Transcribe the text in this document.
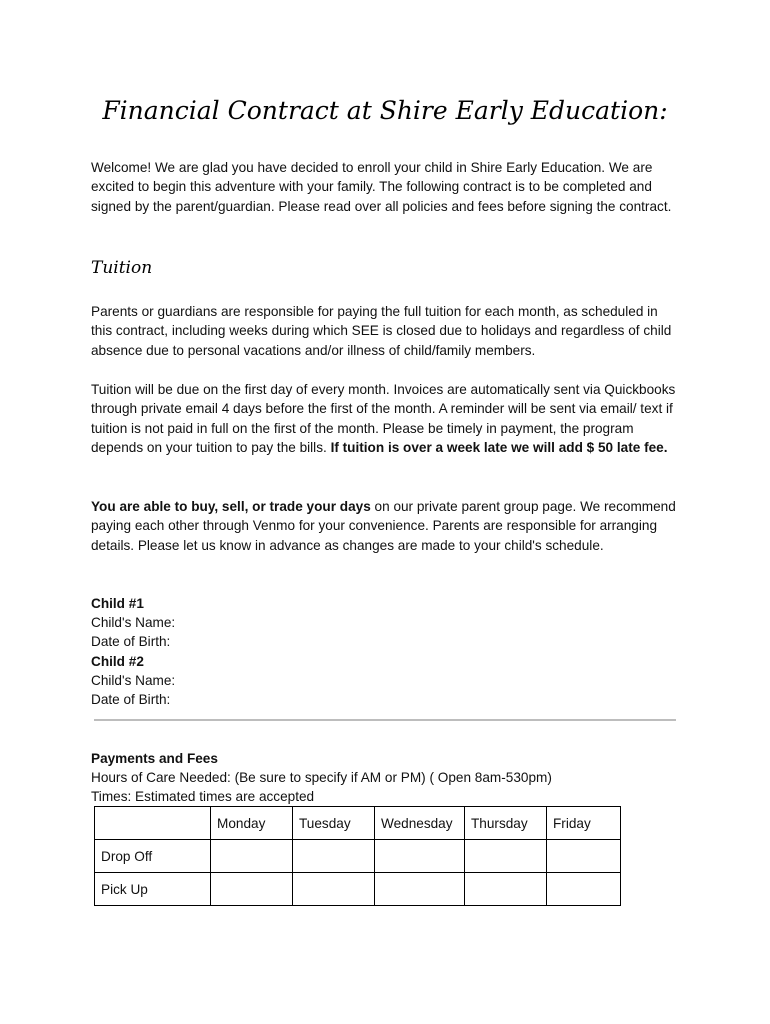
Financial Contract at Shire Early Education:

Welcome! We are glad you have decided to enroll your child in Shire Early Education. We are excited to begin this adventure with your family. The following contract is to be completed and signed by the parent/guardian. Please read over all policies and fees before signing the contract.

Tuition

Parents or guardians are responsible for paying the full tuition for each month, as scheduled in this contract, including weeks during which SEE is closed due to holidays and regardless of child absence due to personal vacations and/or illness of child/family members.

Tuition will be due on the first day of every month. Invoices are automatically sent via Quickbooks through private email 4 days before the first of the month. A reminder will be sent via email/ text if tuition is not paid in full on the first of the month. Please be timely in payment, the program depends on your tuition to pay the bills. If tuition is over a week late we will add $ 50 late fee.

You are able to buy, sell, or trade your days on our private parent group page. We recommend paying each other through Venmo for your convenience. Parents are responsible for arranging details. Please let us know in advance as changes are made to your child's schedule.

Child #1

Child's Name:

Date of Birth:

Child #2

Child's Name:

Date of Birth:

Payments and Fees

Hours of Care Needed: (Be sure to specify if AM or PM) ( Open 8am-530pm)

Times: Estimated times are accepted

	Monday	Tuesday	Wednesday	Thursday	Friday
Drop Off					
Pick Up					
